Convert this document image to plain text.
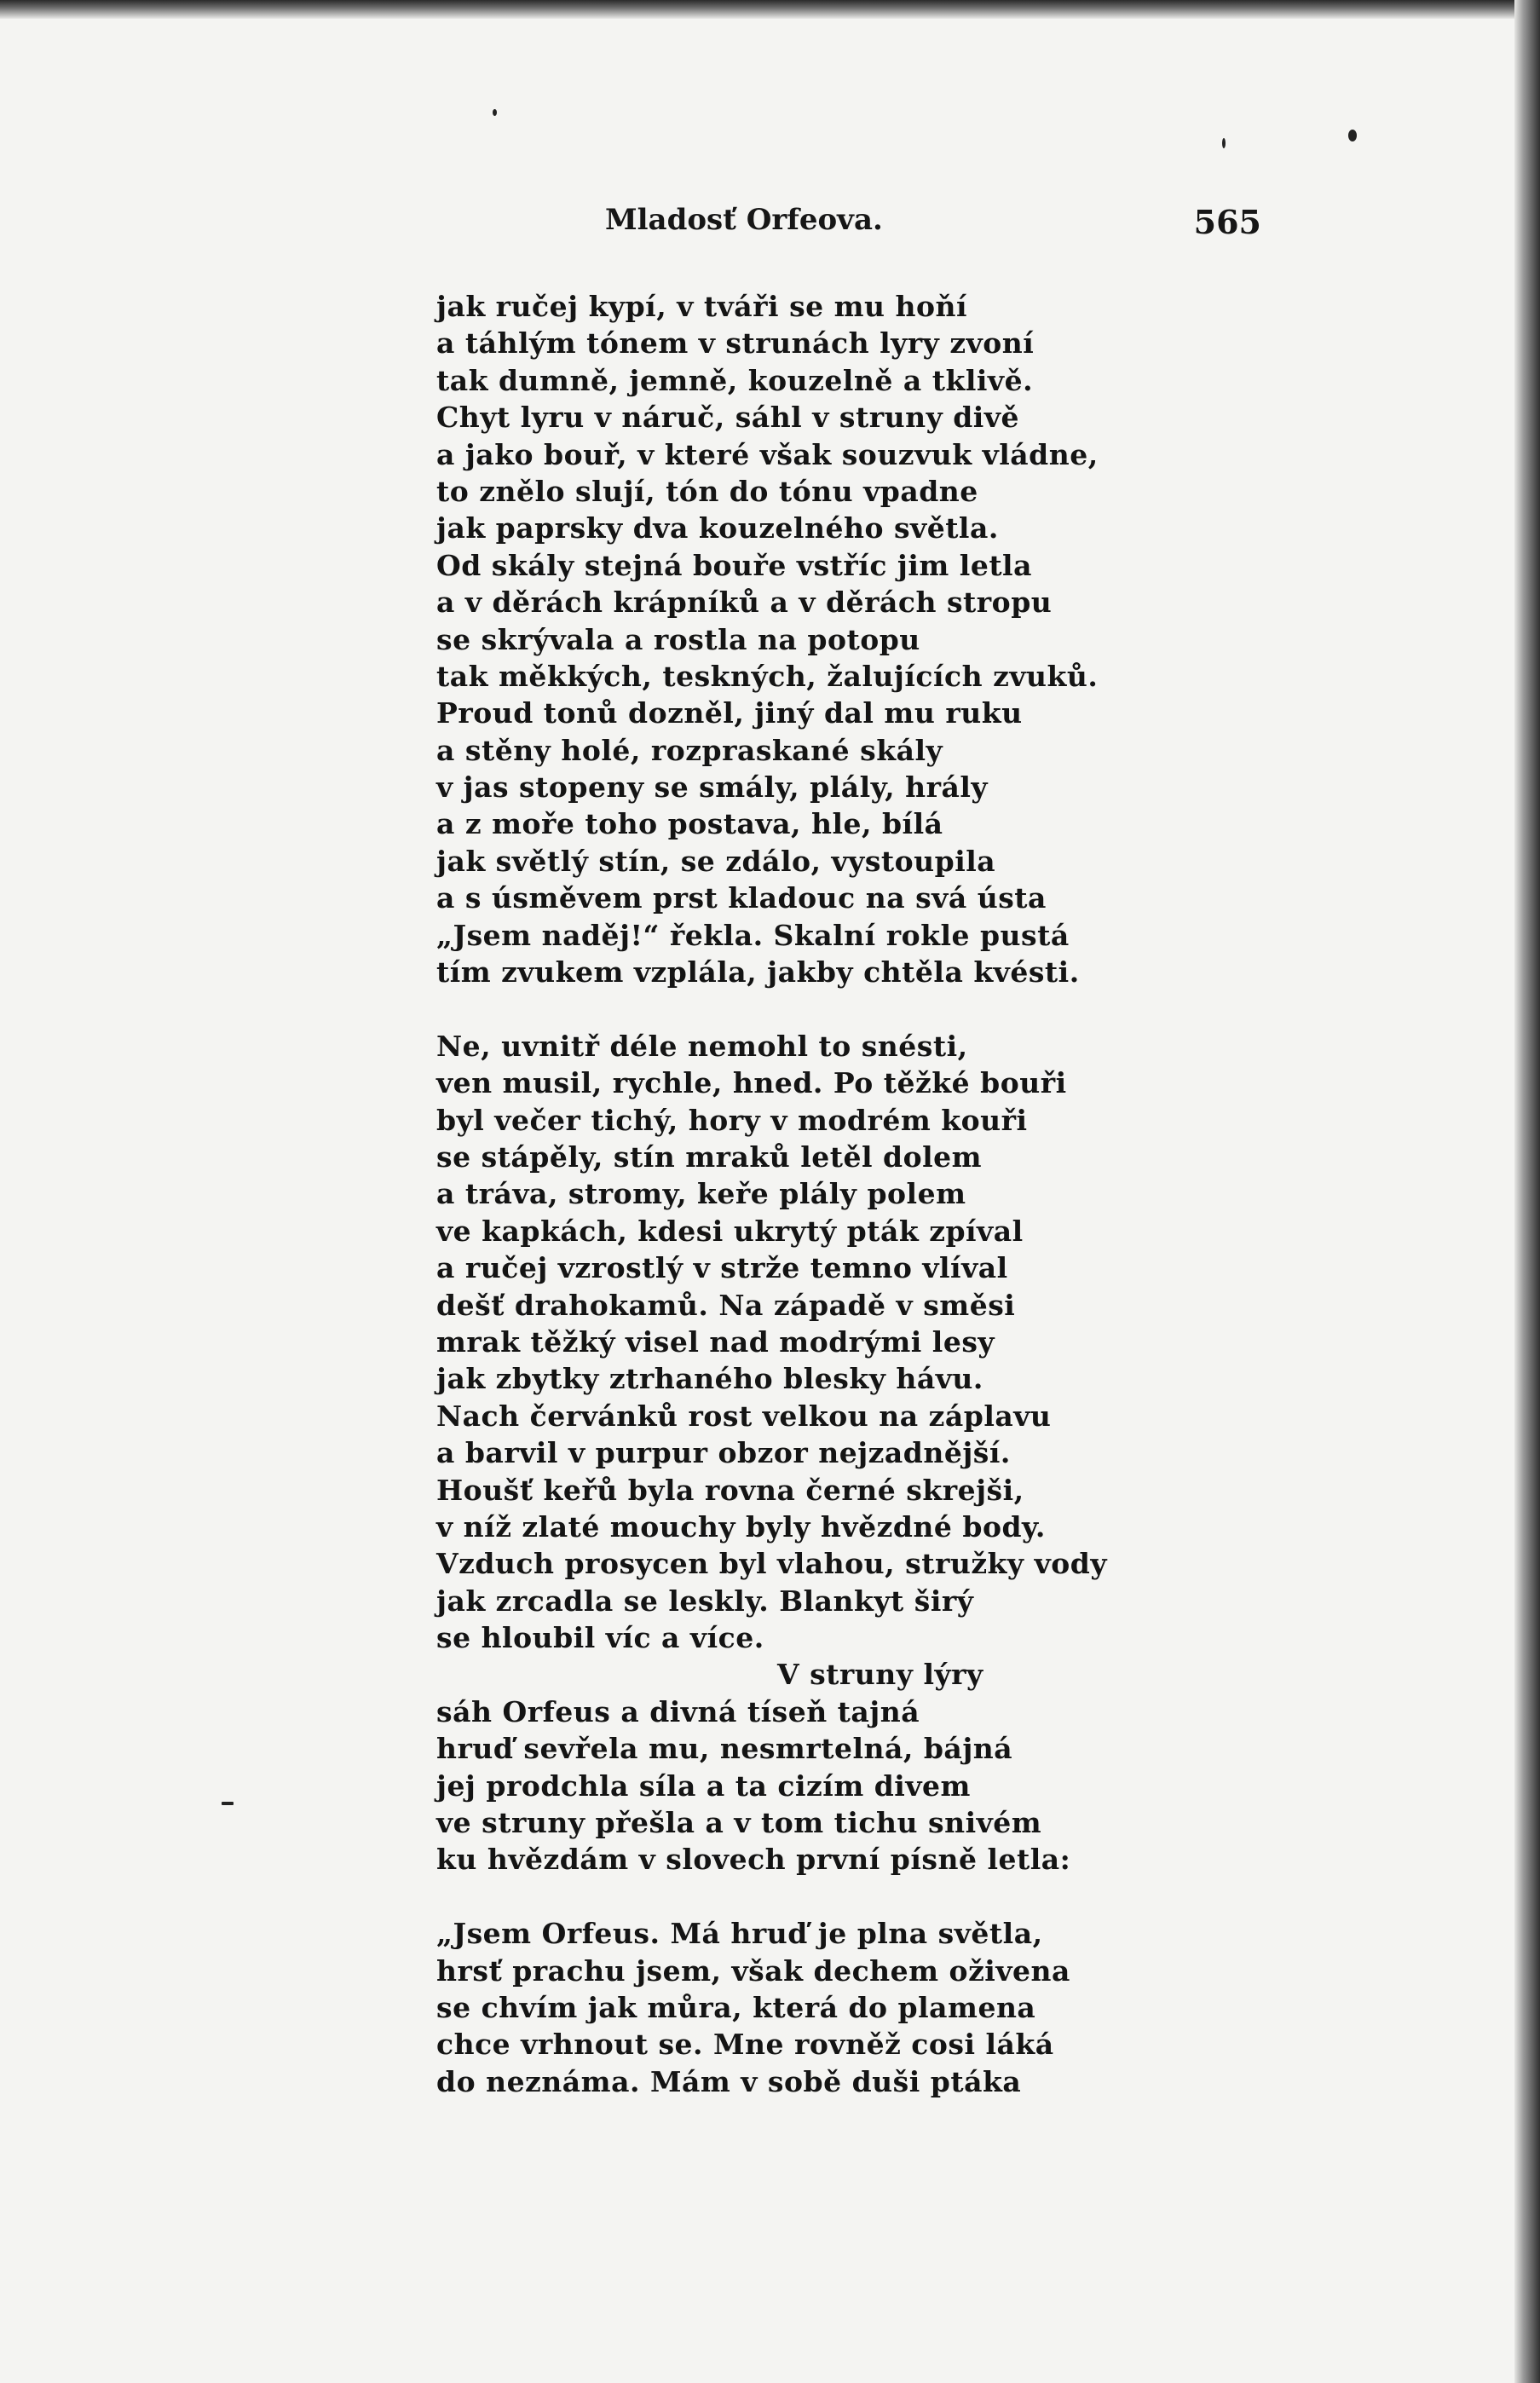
Mladosť Orfeova.	565
jak ručej kypí, v tváři se mu hoňí
a táhlým tónem v strunách lyry zvoní
tak dumně, jemně, kouzelně a tklivě.
Chyt lyru v náruč, sáhl v struny divě
a jako bouř, v které však souzvuk vládne,
to znělo slují, tón do tónu vpadne
jak paprsky dva kouzelného světla.
Od skály stejná bouře vstříc jim letla
a v děrách krápníků a v děrách stropu
se skrývala a rostla na potopu
tak měkkých, teskných, žalujících zvuků.
Proud tonů dozněl, jiný dal mu ruku
a stěny holé, rozpraskané skály
v jas stopeny se smály, plály, hrály
a z moře toho postava, hle, bílá
jak světlý stín, se zdálo, vystoupila
a s úsměvem prst kladouc na svá ústa
„Jsem naděj!“ řekla. Skalní rokle pustá
tím zvukem vzplála, jakby chtěla kvésti.
Ne, uvnitř déle nemohl to snésti,
ven musil, rychle, hned. Po těžké bouři
byl večer tichý, hory v modrém kouři
se stápěly, stín mraků letěl dolem
a tráva, stromy, keře plály polem
ve kapkách, kdesi ukrytý pták zpíval
a ručej vzrostlý v strže temno vlíval
dešť drahokamů. Na západě v směsi
mrak těžký visel nad modrými lesy
jak zbytky ztrhaného blesky hávu.
Nach červánků rost velkou na záplavu
a barvil v purpur obzor nejzadnější.
Houšť keřů byla rovna černé skrejši,
v níž zlaté mouchy byly hvězdné body.
Vzduch prosycen byl vlahou, stružky vody
jak zrcadla se leskly. Blankyt širý
se hloubil víc a více.
V struny lýry
sáh Orfeus a divná tíseň tajná
hruď sevřela mu, nesmrtelná, bájná
jej prodchla síla a ta cizím divem
ve struny přešla a v tom tichu snivém
ku hvězdám v slovech první písně letla:
„Jsem Orfeus. Má hruď je plna světla,
hrsť prachu jsem, však dechem oživena
se chvím jak můra, která do plamena
chce vrhnout se. Mne rovněž cosi láká
do neznáma. Mám v sobě duši ptáka
